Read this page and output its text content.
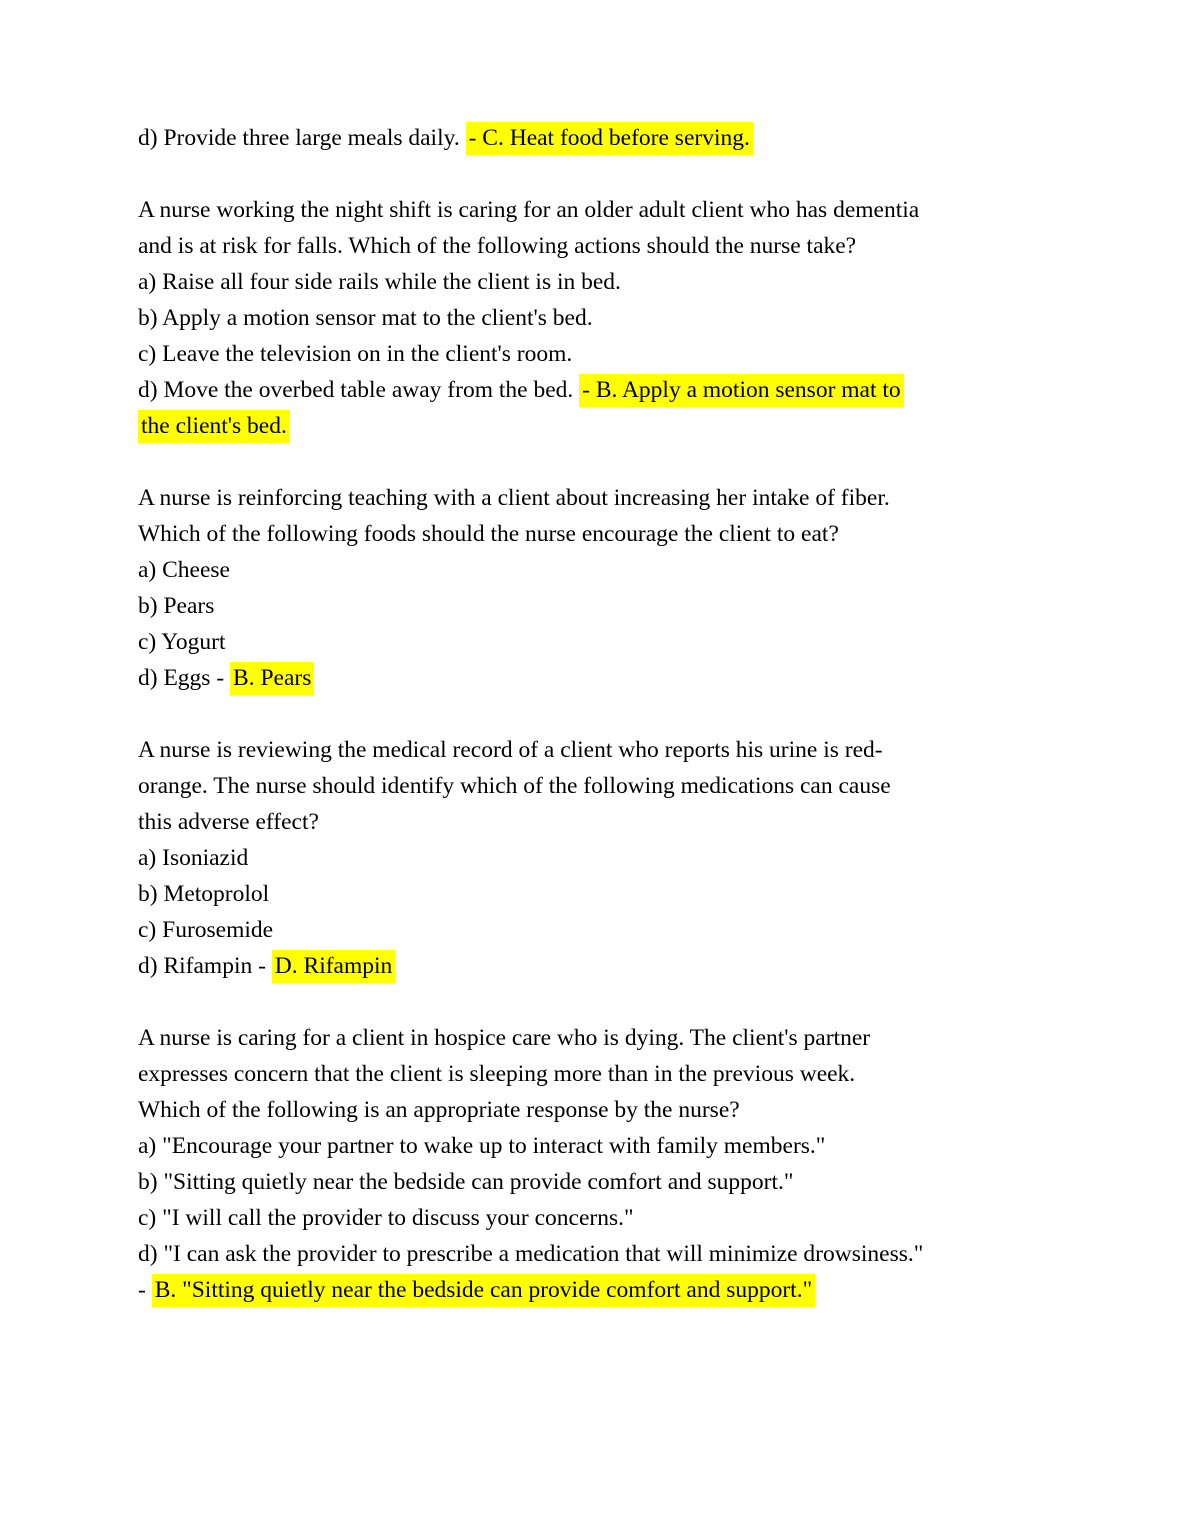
d) Provide three large meals daily. - C. Heat food before serving.
A nurse working the night shift is caring for an older adult client who has dementia
and is at risk for falls. Which of the following actions should the nurse take?
a) Raise all four side rails while the client is in bed.
b) Apply a motion sensor mat to the client's bed.
c) Leave the television on in the client's room.
d) Move the overbed table away from the bed. - B. Apply a motion sensor mat to
the client's bed.
A nurse is reinforcing teaching with a client about increasing her intake of fiber.
Which of the following foods should the nurse encourage the client to eat?
a) Cheese
b) Pears
c) Yogurt
d) Eggs - B. Pears
A nurse is reviewing the medical record of a client who reports his urine is red-
orange. The nurse should identify which of the following medications can cause
this adverse effect?
a) Isoniazid
b) Metoprolol
c) Furosemide
d) Rifampin - D. Rifampin
A nurse is caring for a client in hospice care who is dying. The client's partner
expresses concern that the client is sleeping more than in the previous week.
Which of the following is an appropriate response by the nurse?
a) "Encourage your partner to wake up to interact with family members."
b) "Sitting quietly near the bedside can provide comfort and support."
c) "I will call the provider to discuss your concerns."
d) "I can ask the provider to prescribe a medication that will minimize drowsiness."
- B. "Sitting quietly near the bedside can provide comfort and support."
